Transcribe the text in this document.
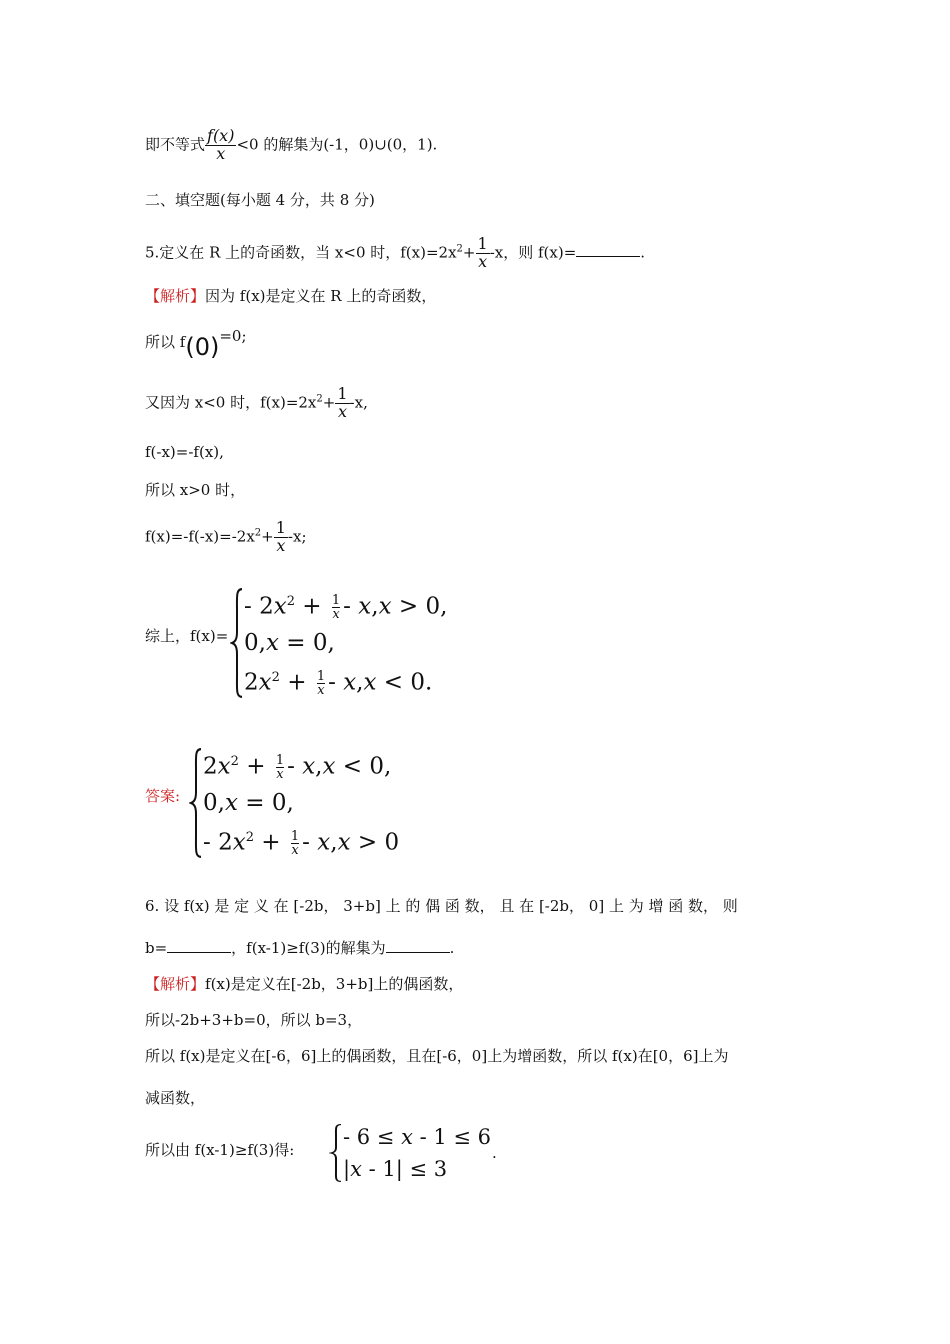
即不等式 $\frac{f(x)}{x} <0$ 的解集为(-1，0)∪(0，1).
二、填空题(每小题 4 分，共 8 分)
5.定义在 R 上的奇函数，当 x<0 时，$f(x)=2x^2+ \frac{1}{x} -x$，则 f(x)=	.
【解析】因为 f(x)是定义在 R 上的奇函数，
所以 f(0)=0;
又因为 x<0 时，$f(x)=2x^2+ \frac{1}{x} -x$,
f(-x)=-f(x),
所以 x>0 时，
$f(x)=-f(-x)=-2x^2+ \frac{1}{x} -x$;
综上，f(x)=
- $2x^2 + \frac{1}{x} - x,x > 0$,
0,x = 0,
$2x^2 + \frac{1}{x} - x,x < 0$.
答案:
$2x^2 + \frac{1}{x} - x,x < 0$,
0,x = 0,
- $2x^2 + \frac{1}{x} - x,x > 0$
6. 设 f(x) 是 定 义 在 [-2b， 3+b] 上 的 偶 函 数， 且 在 [-2b， 0] 上 为 增 函 数， 则
b=	，f(x-1)≥f(3)的解集为	.
【解析】f(x)是定义在[-2b，3+b]上的偶函数，
所以-2b+3+b=0，所以 b=3，
所以 f(x)是定义在[-6，6]上的偶函数，且在[-6，0]上为增函数，所以 f(x)在[0，6]上为
减函数，
所以由 f(x-1)≥f(3)得:
- 6 ≤ x - 1 ≤ 6
|x - 1| ≤ 3
.
